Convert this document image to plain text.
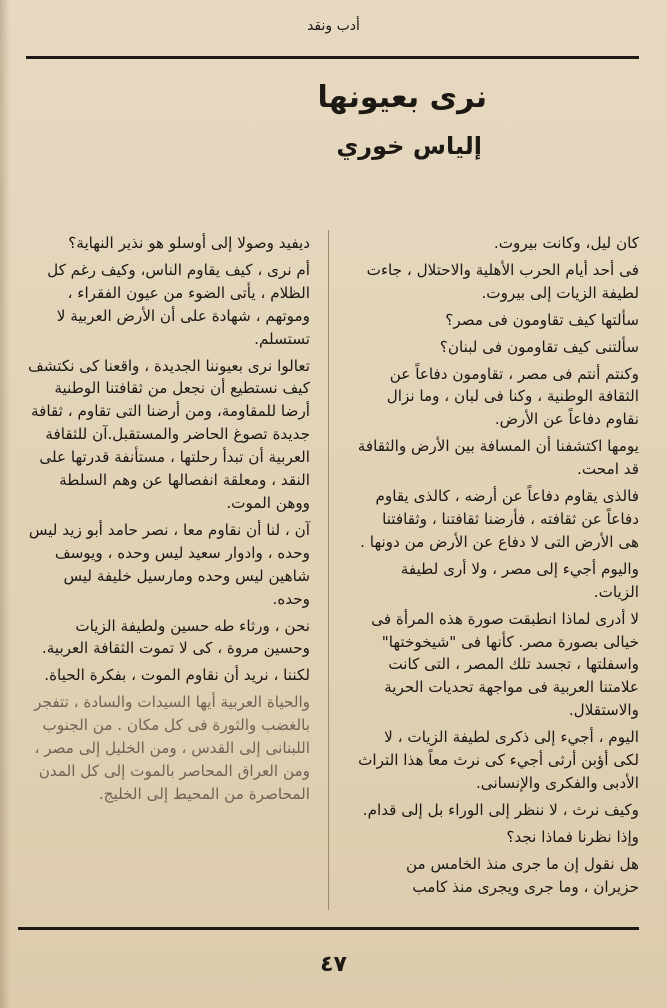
أدب ونقد
نرى بعيونها
إلياس خوري

كان ليل، وكانت بيروت.

فى أحد أيام الحرب الأهلية والاحتلال ، جاءت لطيفة الزيات إلى بيروت.

سألتها كيف تقاومون فى مصر؟

سألتنى كيف تقاومون فى لبنان؟

وكنتم أنتم فى مصر ، تقاومون دفاعاً عن الثقافة الوطنية ، وكنا فى لبان ، وما نزال نقاوم دفاعاً عن الأرض.

يومها اكتشفنا أن المسافة بين الأرض والثقافة قد امحت.

فالذى يقاوم دفاعاً عن أرضه ، كالذى يقاوم دفاعاً عن ثقافته ، فأرضنا ثقافتنا ، وثقافتنا هى الأرض التى لا دفاع عن الأرض من دونها .

واليوم أجيء إلى مصر ، ولا أرى لطيفة الزيات.

لا أدرى لماذا انطبقت صورة هذه المرأة فى خيالى بصورة مصر. كأنها فى "شيخوختها" واسفلتها ، تجسد تلك المصر ، التى كانت علامتنا العربية فى مواجهة تحديات الحرية والاستقلال.

اليوم ، أجيء إلى ذكرى لطيفة الزيات ، لا لكى أؤبن أرثى أجيء كى نرث معاً هذا التراث الأدبى والفكرى والإنسانى.

وكيف نرث ، لا ننظر إلى الوراء بل إلى قدام.

وإذا نظرنا فماذا نجد؟

هل نقول إن ما جرى منذ الخامس من حزيران ، وما جرى ويجرى منذ كامب

ديفيد وصولا إلى أوسلو هو نذير النهاية؟

أم نرى ، كيف يقاوم الناس، وكيف رغم كل الظلام ، يأتى الضوء من عيون الفقراء ، وموتهم ، شهادة على أن الأرض العربية لا تستسلم.

تعالوا نرى بعيوننا الجديدة ، واقعنا كى نكتشف كيف نستطيع أن نجعل من ثقافتنا الوطنية أرضا للمقاومة، ومن أرضنا التى تقاوم ، ثقافة جديدة تصوغ الحاضر والمستقبل.آن للثقافة العربية أن تبدأ رحلتها ، مستأنفة قدرتها على النقد ، ومعلقة انفصالها عن وهم السلطة ووهن الموت.

آن ، لنا أن نقاوم معا ، نصر حامد أبو زيد ليس وحده ، وادوار سعيد ليس وحده ، ويوسف شاهين ليس وحده ومارسيل خليفة ليس وحده.

نحن ، ورثاء طه حسين ولطيفة الزيات وحسين مروة ، كى لا تموت الثقافة العربية.

لكننا ، نريد أن نقاوم الموت ، بفكرة الحياة.

والحياة العربية أيها السيدات والسادة ، تتفجر بالغضب والثورة فى كل مكان . من الجنوب اللبنانى إلى القدس ، ومن الخليل إلى مصر ، ومن العراق المحاصر بالموت إلى كل المدن المحاصرة من المحيط إلى الخليج.

٤٧
